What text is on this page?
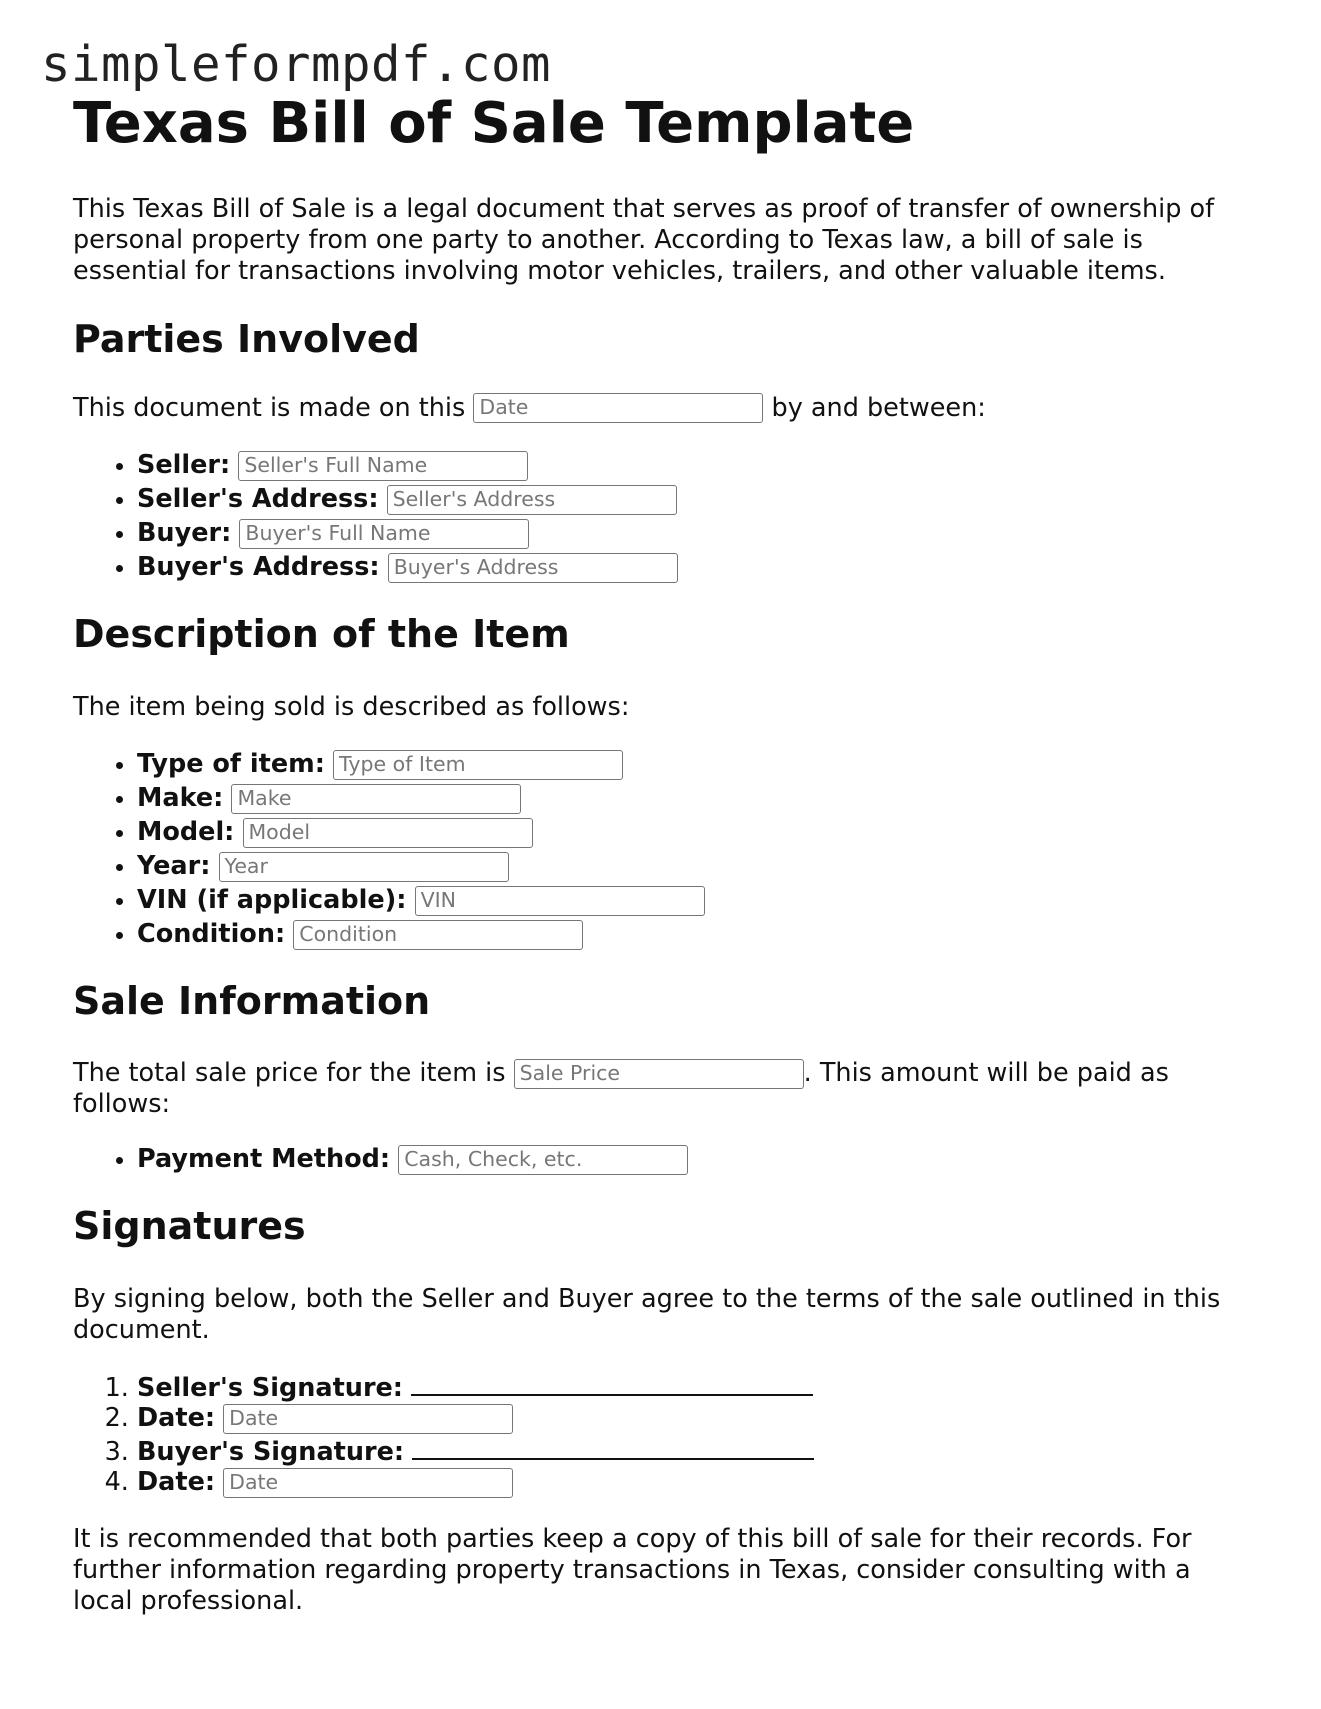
simpleformpdf.com
Texas Bill of Sale Template

This Texas Bill of Sale is a legal document that serves as proof of transfer of ownership of personal property from one party to another. According to Texas law, a bill of sale is essential for transactions involving motor vehicles, trailers, and other valuable items.

Parties Involved

This document is made on this
Date
	by and between:

• Seller: Seller's Full Name
• Seller's Address: Seller's Address
• Buyer: Buyer's Full Name
• Buyer's Address: Buyer's Address
Description of the Item

The item being sold is described as follows:

• Type of item: Type of Item
• Make: Make
• Model: Model
• Year: Year
• VIN (if applicable): VIN
• Condition: Condition
Sale Information

The total sale price for the item is Sale Price	. This amount will be paid as follows:

• Payment Method: Cash, Check, etc.
Signatures

By signing below, both the Seller and Buyer agree to the terms of the sale outlined in this document.

1. Seller's Signature:
2. Date: Date
3. Buyer's Signature:
4. Date: Date

It is recommended that both parties keep a copy of this bill of sale for their records. For further information regarding property transactions in Texas, consider consulting with a local professional.
